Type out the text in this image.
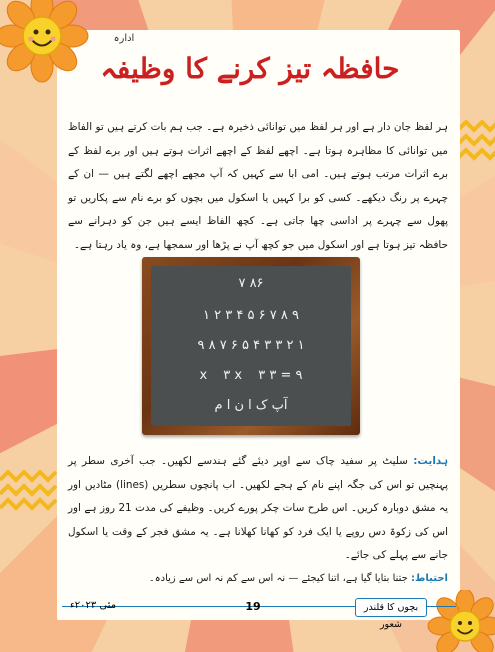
ادارہ
حافظہ تیز کرنے کا وظیفہ
ہر لفظ جان دار ہے اور ہر لفظ میں توانائی ذخیرہ ہے۔ جب ہم بات کرتے ہیں تو الفاظ میں توانائی کا مظاہرہ ہوتا ہے۔ اچھے لفظ کے اچھے اثرات ہوتے ہیں اور برے لفظ کے برے اثرات مرتب ہوتے ہیں۔ امی ابا سے کہیں کہ آپ مجھے اچھے لگتے ہیں — ان کے چہرے پر رنگ دیکھے۔ کسی کو برا کہیں یا اسکول میں بچوں کو برے نام سے پکاریں تو پھول سے چہرے پر اداسی چھا جاتی ہے۔ کچھ الفاظ ایسے ہیں جن کو دہرانے سے حافظہ تیز ہوتا ہے اور اسکول میں جو کچھ آپ نے پڑھا اور سمجھا ہے، وہ یاد رہتا ہے۔
۸۶ ۷
۹ ۸ ۷ ۶ ۵ ۴ ۳ ۲ ۱
۱ ۲ ۳ ۳ ۴ ۵ ۶ ۷ ۸ ۹
۹ = ۳ x ۳ x ۳
آپ ک ا ن ا م
ہدایت: سلیٹ پر سفید چاک سے اوپر دیئے گئے ہندسے لکھیں۔ جب آخری سطر پر پہنچیں تو اس کی جگہ اپنے نام کے ہجے لکھیں۔ اب پانچوں سطریں (lines) مٹادیں اور یہ مشق دوبارہ کریں۔ اس طرح سات چکر پورے کریں۔ وظیفے کی مدت 21 روز ہے اور اس کی زکوۃ دس روپے یا ایک فرد کو کھانا کھلانا ہے۔ یہ مشق فجر کے وقت یا اسکول جانے سے پہلے کی جائے۔
احتیاط: جتنا بتایا گیا ہے، اتنا کیجئے — نہ اس سے کم نہ اس سے زیادہ۔
بچوں کا قلندر شعور
19
مئی ۲۰۲۳ء
